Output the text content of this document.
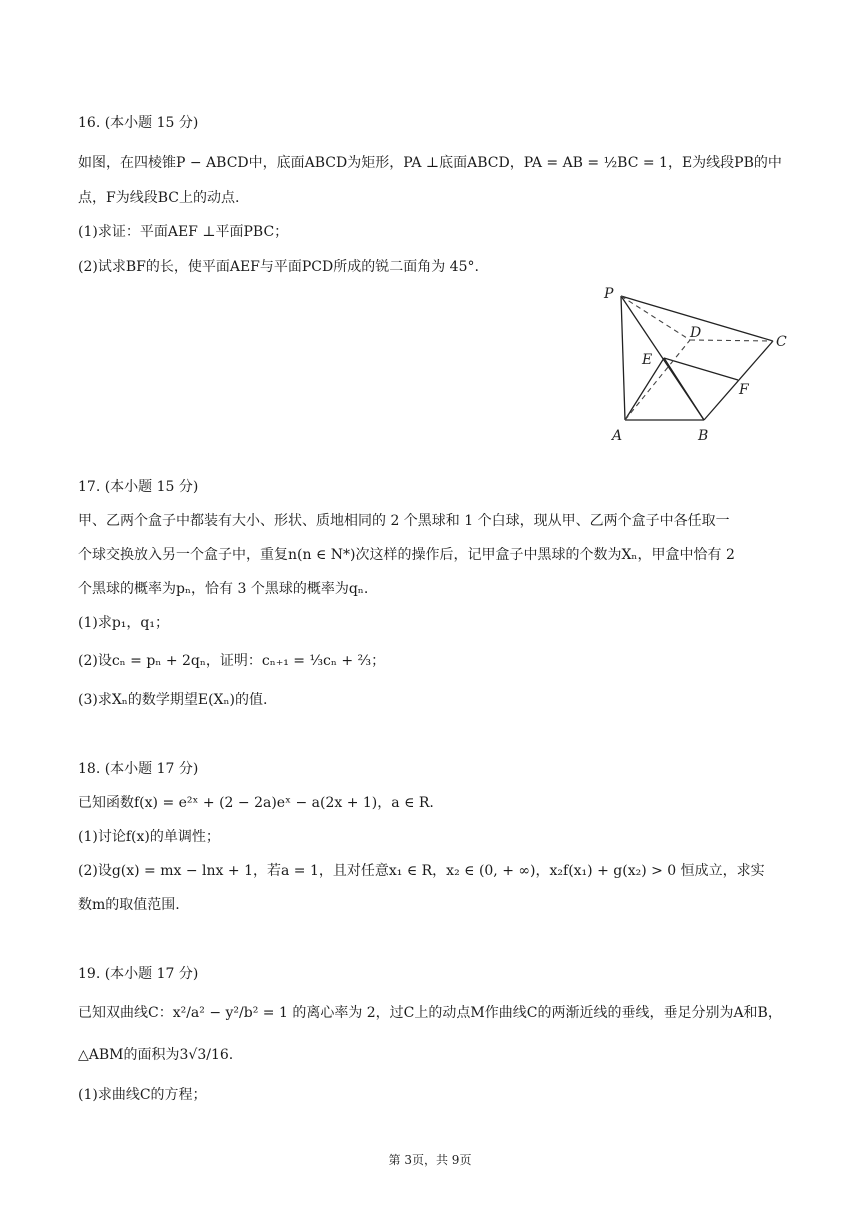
16. (本小题 15 分)
如图，在四棱锥P − ABCD中，底面ABCD为矩形，PA ⊥底面ABCD，PA = AB = ½BC = 1，E为线段PB的中
点，F为线段BC上的动点.
(1)求证：平面AEF ⊥平面PBC；
(2)试求BF的长，使平面AEF与平面PCD所成的锐二面角为 45°.
P
D
C
E
F
A	B
17. (本小题 15 分)
甲、乙两个盒子中都装有大小、形状、质地相同的 2 个黑球和 1 个白球，现从甲、乙两个盒子中各任取一
个球交换放入另一个盒子中，重复n(n ∈ N*)次这样的操作后，记甲盒子中黑球的个数为Xₙ，甲盒中恰有 2
个黑球的概率为pₙ，恰有 3 个黑球的概率为qₙ.
(1)求p₁，q₁；
(2)设cₙ = pₙ + 2qₙ，证明：cₙ₊₁ = ⅓cₙ + ⅔；
(3)求Xₙ的数学期望E(Xₙ)的值.
18. (本小题 17 分)
已知函数f(x) = e²ˣ + (2 − 2a)eˣ − a(2x + 1)，a ∈ R.
(1)讨论f(x)的单调性；
(2)设g(x) = mx − lnx + 1，若a = 1，且对任意x₁ ∈ R，x₂ ∈ (0, + ∞)，x₂f(x₁) + g(x₂) > 0 恒成立，求实
数m的取值范围.
19. (本小题 17 分)
已知双曲线C：x²/a² − y²/b² = 1 的离心率为 2，过C上的动点M作曲线C的两渐近线的垂线，垂足分别为A和B，
△ABM的面积为3√3/16.
(1)求曲线C的方程；
第 3页，共 9页
